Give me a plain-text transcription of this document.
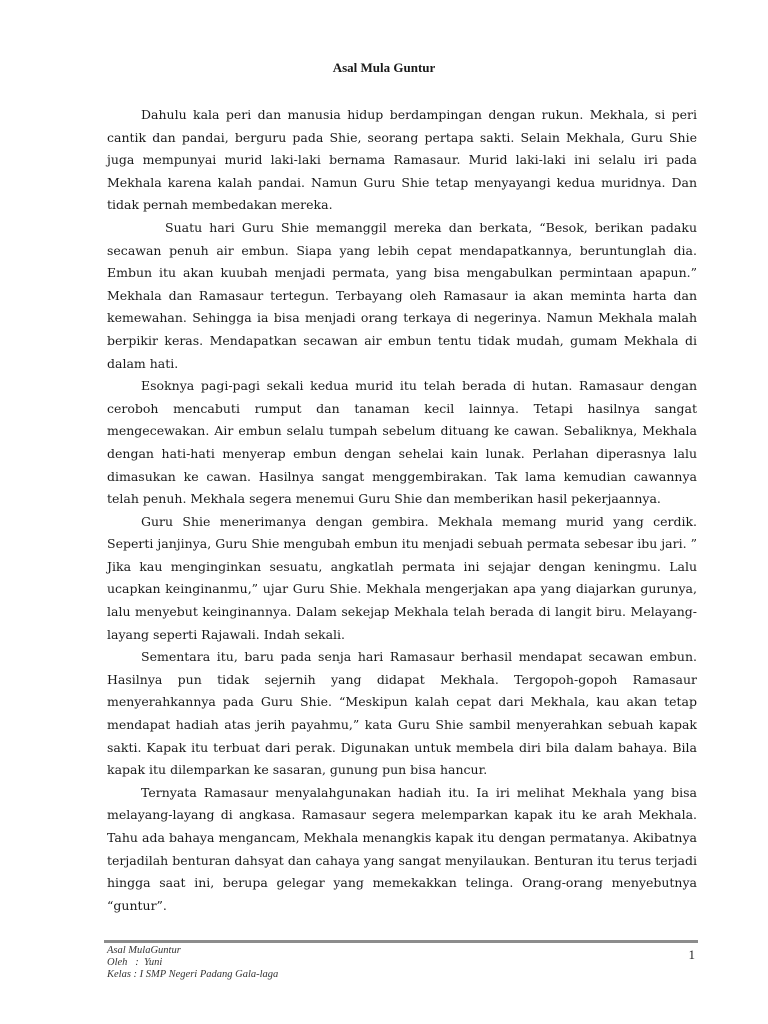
Asal Mula Guntur

Dahulu kala peri dan manusia hidup berdampingan dengan rukun. Mekhala, si peri cantik dan pandai, berguru pada Shie, seorang pertapa sakti. Selain Mekhala, Guru Shie juga mempunyai murid laki-laki bernama Ramasaur. Murid laki-laki ini selalu iri pada Mekhala karena kalah pandai. Namun Guru Shie tetap menyayangi kedua muridnya. Dan tidak pernah membedakan mereka.

Suatu hari Guru Shie memanggil mereka dan berkata, “Besok, berikan padaku secawan penuh air embun. Siapa yang lebih cepat mendapatkannya, beruntunglah dia. Embun itu akan kuubah menjadi permata, yang bisa mengabulkan permintaan apapun.” Mekhala dan Ramasaur tertegun. Terbayang oleh Ramasaur ia akan meminta harta dan kemewahan. Sehingga ia bisa menjadi orang terkaya di negerinya. Namun Mekhala malah berpikir keras. Mendapatkan secawan air embun tentu tidak mudah, gumam Mekhala di dalam hati.

Esoknya pagi-pagi sekali kedua murid itu telah berada di hutan. Ramasaur dengan ceroboh mencabuti rumput dan tanaman kecil lainnya. Tetapi hasilnya sangat mengecewakan. Air embun selalu tumpah sebelum dituang ke cawan. Sebaliknya, Mekhala dengan hati-hati menyerap embun dengan sehelai kain lunak. Perlahan diperasnya lalu dimasukan ke cawan. Hasilnya sangat menggembirakan. Tak lama kemudian cawannya telah penuh. Mekhala segera menemui Guru Shie dan memberikan hasil pekerjaannya.

Guru Shie menerimanya dengan gembira. Mekhala memang murid yang cerdik. Seperti janjinya, Guru Shie mengubah embun itu menjadi sebuah permata sebesar ibu jari. ” Jika kau menginginkan sesuatu, angkatlah permata ini sejajar dengan keningmu. Lalu ucapkan keinginanmu,” ujar Guru Shie. Mekhala mengerjakan apa yang diajarkan gurunya, lalu menyebut keinginannya. Dalam sekejap Mekhala telah berada di langit biru. Melayang-layang seperti Rajawali. Indah sekali.

Sementara itu, baru pada senja hari Ramasaur berhasil mendapat secawan embun. Hasilnya pun tidak sejernih yang didapat Mekhala. Tergopoh-gopoh Ramasaur menyerahkannya pada Guru Shie. “Meskipun kalah cepat dari Mekhala, kau akan tetap mendapat hadiah atas jerih payahmu,” kata Guru Shie sambil menyerahkan sebuah kapak sakti. Kapak itu terbuat dari perak. Digunakan untuk membela diri bila dalam bahaya. Bila kapak itu dilemparkan ke sasaran, gunung pun bisa hancur.

Ternyata Ramasaur menyalahgunakan hadiah itu. Ia iri melihat Mekhala yang bisa melayang-layang di angkasa. Ramasaur segera melemparkan kapak itu ke arah Mekhala. Tahu ada bahaya mengancam, Mekhala menangkis kapak itu dengan permatanya. Akibatnya terjadilah benturan dahsyat dan cahaya yang sangat menyilaukan. Benturan itu terus terjadi hingga saat ini, berupa gelegar yang memekakkan telinga. Orang-orang menyebutnya “guntur”.

Asal MulaGuntur
Oleh   :  Yuni
Kelas : I SMP Negeri Padang Gala-laga
1
